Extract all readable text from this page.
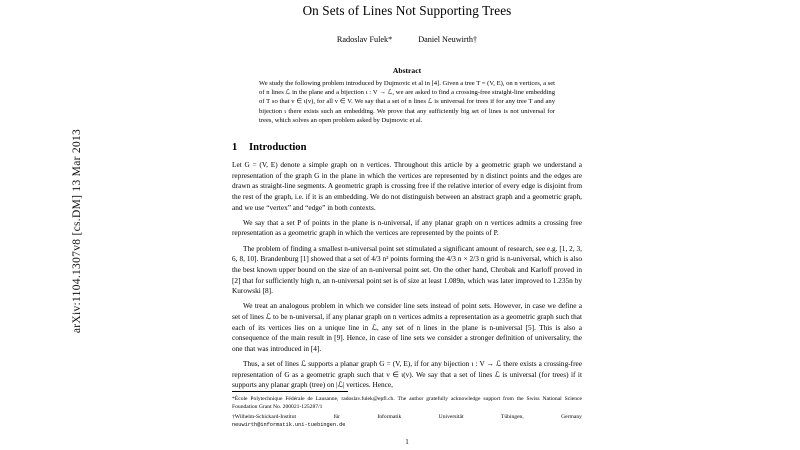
arXiv:1104.1307v8 [cs.DM] 13 Mar 2013
On Sets of Lines Not Supporting Trees
Radoslav Fulek*	Daniel Neuwirth†
Abstract

We study the following problem introduced by Dujmovic et al in [4]. Given a tree T = (V, E), on n vertices, a set of n lines ℒ in the plane and a bijection ι : V → ℒ, we are asked to find a crossing-free straight-line embedding of T so that v ∈ ι(v), for all v ∈ V. We say that a set of n lines ℒ is universal for trees if for any tree T and any bijection ι there exists such an embedding. We prove that any sufficiently big set of lines is not universal for trees, which solves an open problem asked by Dujmovic et al.

1 Introduction

Let G = (V, E) denote a simple graph on n vertices. Throughout this article by a geometric graph we understand a representation of the graph G in the plane in which the vertices are represented by n distinct points and the edges are drawn as straight-line segments. A geometric graph is crossing free if the relative interior of every edge is disjoint from the rest of the graph, i.e. if it is an embedding. We do not distinguish between an abstract graph and a geometric graph, and we use “vertex” and “edge” in both contexts.

We say that a set P of points in the plane is n-universal, if any planar graph on n vertices admits a crossing free representation as a geometric graph in which the vertices are represented by the points of P.

The problem of finding a smallest n-universal point set stimulated a significant amount of research, see e.g. [1, 2, 3, 6, 8, 10]. Brandenburg [1] showed that a set of 4/3 n² points forming the 4/3 n × 2/3 n grid is n-universal, which is also the best known upper bound on the size of an n-universal point set. On the other hand, Chrobak and Karloff proved in [2] that for sufficiently high n, an n-universal point set is of size at least 1.089n, which was later improved to 1.235n by Kurowski [8].

We treat an analogous problem in which we consider line sets instead of point sets. However, in case we define a set of lines ℒ to be n-universal, if any planar graph on n vertices admits a representation as a geometric graph such that each of its vertices lies on a unique line in ℒ, any set of n lines in the plane is n-universal [5]. This is also a consequence of the main result in [9]. Hence, in case of line sets we consider a stronger definition of universality, the one that was introduced in [4].

Thus, a set of lines ℒ supports a planar graph G = (V, E), if for any bijection ι : V → ℒ there exists a crossing-free representation of G as a geometric graph such that v ∈ ι(v). We say that a set of lines ℒ is universal (for trees) if it supports any planar graph (tree) on |ℒ| vertices. Hence,

*École Polytechnique Fédérale de Lausanne, radoslav.fulek@epfl.ch. The author gratefully acknowledge support from the Swiss National Science Foundation Grant No. 200021-125287/1

†Wilhelm-Schickard-Institut	für	Informatik	Universität	Tübingen,	Germany

neuwirth@informatik.uni-tuebingen.de

1
